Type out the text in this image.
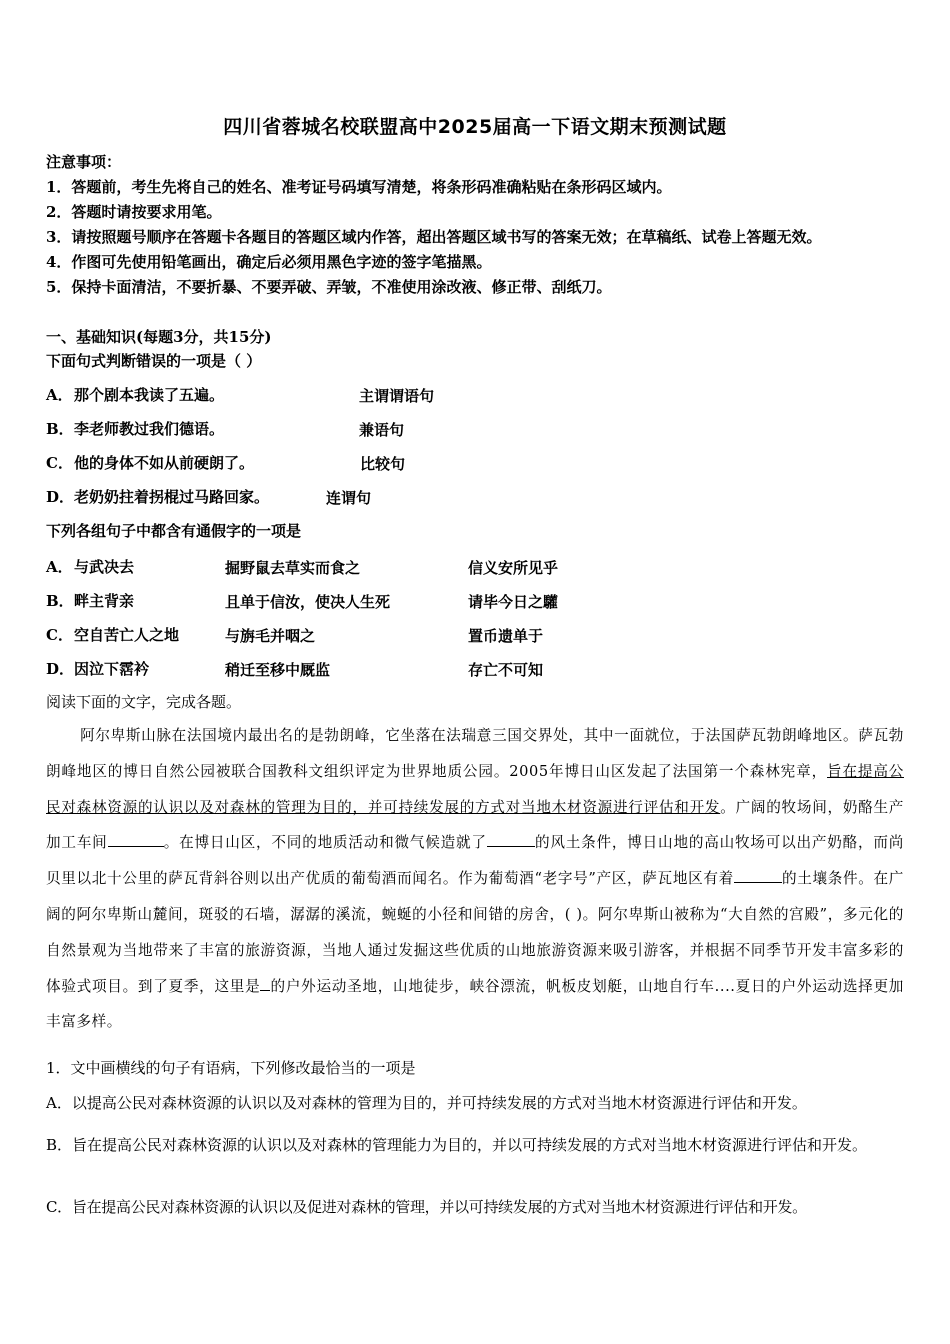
四川省蓉城名校联盟高中2025届高一下语文期末预测试题
注意事项：
1．答题前，考生先将自己的姓名、准考证号码填写清楚，将条形码准确粘贴在条形码区域内。
2．答题时请按要求用笔。
3．请按照题号顺序在答题卡各题目的答题区域内作答，超出答题区域书写的答案无效；在草稿纸、试卷上答题无效。
4．作图可先使用铅笔画出，确定后必须用黑色字迹的签字笔描黑。
5．保持卡面清洁，不要折暴、不要弄破、弄皱，不准使用涂改液、修正带、刮纸刀。
一、基础知识(每题3分，共15分)
下面句式判断错误的一项是（ ）
A．那个剧本我读了五遍。	主谓谓语句
B．李老师教过我们德语。	兼语句
C．他的身体不如从前硬朗了。	比较句
D．老奶奶拄着拐棍过马路回家。	连谓句
下列各组句子中都含有通假字的一项是
A．与武决去	掘野鼠去草实而食之	信义安所见乎
B．畔主背亲	且单于信汝，使决人生死	请毕今日之驩
C．空自苦亡人之地	与旃毛并咽之	置币遗单于
D．因泣下霑衿	稍迁至移中厩监	存亡不可知
阅读下面的文字，完成各题。
阿尔卑斯山脉在法国境内最出名的是勃朗峰，它坐落在法瑞意三国交界处，其中一面就位，于法国萨瓦勃朗峰地区。萨瓦勃朗峰地区的博日自然公园被联合国教科文组织评定为世界地质公园。2005年博日山区发起了法国第一个森林宪章，旨在提高公民对森林资源的认识以及对森林的管理为目的，并可持续发展的方式对当地木材资源进行评估和开发。广阔的牧场间，奶酪生产加工车间	。在博日山区，不同的地质活动和微气候造就了	的风土条件，博日山地的高山牧场可以出产奶酪，而尚贝里以北十公里的萨瓦背斜谷则以出产优质的葡萄酒而闻名。作为葡萄酒“老字号”产区，萨瓦地区有着	的土壤条件。在广阔的阿尔卑斯山麓间，斑驳的石墙，潺潺的溪流，蜿蜒的小径和间错的房舍，( )。阿尔卑斯山被称为“大自然的宫殿”，多元化的自然景观为当地带来了丰富的旅游资源，当地人通过发掘这些优质的山地旅游资源来吸引游客，并根据不同季节开发丰富多彩的体验式项目。到了夏季，这里是 的户外运动圣地，山地徒步，峡谷漂流，帆板皮划艇，山地自行车....夏日的户外运动选择更加丰富多样。
1．文中画横线的句子有语病，下列修改最恰当的一项是
A．以提高公民对森林资源的认识以及对森林的管理为目的，并可持续发展的方式对当地木材资源进行评估和开发。
B．旨在提高公民对森林资源的认识以及对森林的管理能力为目的，并以可持续发展的方式对当地木材资源进行评估和开发。
C．旨在提高公民对森林资源的认识以及促进对森林的管理，并以可持续发展的方式对当地木材资源进行评估和开发。
